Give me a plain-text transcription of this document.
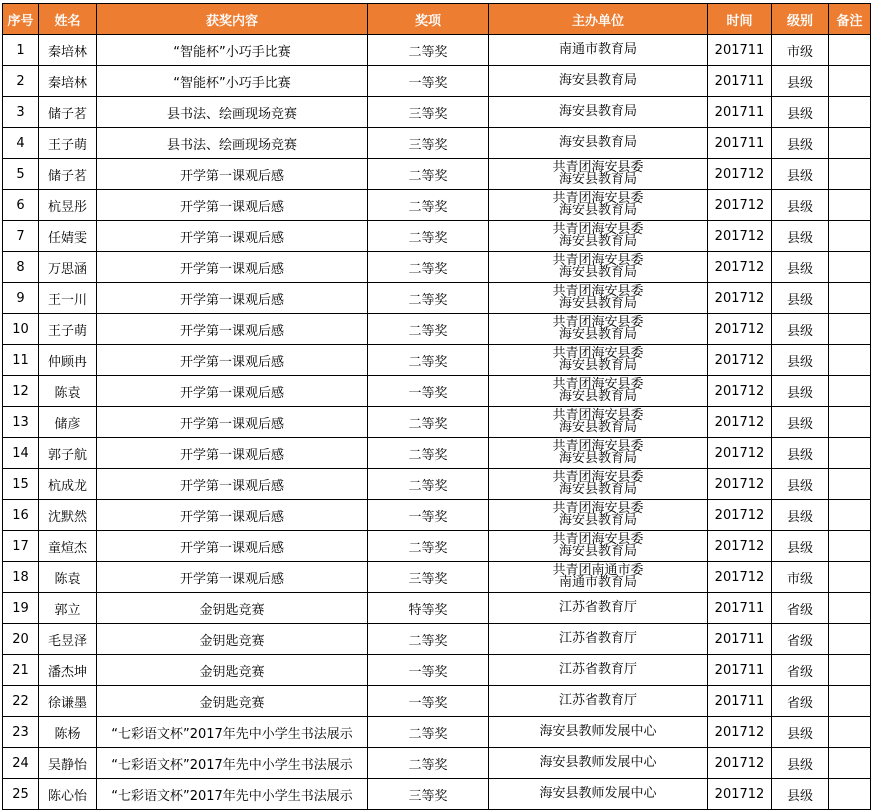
序号	姓名	获奖内容	奖项	主办单位	时间	级别	备注
1	秦培林	“智能杯”小巧手比赛	二等奖	南通市教育局	201711	市级	
2	秦培林	“智能杯”小巧手比赛	一等奖	海安县教育局	201711	县级	
3	储子茗	县书法、绘画现场竞赛	三等奖	海安县教育局	201711	县级	
4	王子萌	县书法、绘画现场竞赛	三等奖	海安县教育局	201711	县级	
5	储子茗	开学第一课观后感	二等奖	共青团海安县委
海安县教育局	201712	县级	
6	杭昱彤	开学第一课观后感	二等奖	共青团海安县委
海安县教育局	201712	县级	
7	任婧雯	开学第一课观后感	二等奖	共青团海安县委
海安县教育局	201712	县级	
8	万思涵	开学第一课观后感	二等奖	共青团海安县委
海安县教育局	201712	县级	
9	王一川	开学第一课观后感	二等奖	共青团海安县委
海安县教育局	201712	县级	
10	王子萌	开学第一课观后感	二等奖	共青团海安县委
海安县教育局	201712	县级	
11	仲顾冉	开学第一课观后感	二等奖	共青团海安县委
海安县教育局	201712	县级	
12	陈袁	开学第一课观后感	一等奖	共青团海安县委
海安县教育局	201712	县级	
13	储彦	开学第一课观后感	二等奖	共青团海安县委
海安县教育局	201712	县级	
14	郭子航	开学第一课观后感	二等奖	共青团海安县委
海安县教育局	201712	县级	
15	杭成龙	开学第一课观后感	二等奖	共青团海安县委
海安县教育局	201712	县级	
16	沈默然	开学第一课观后感	一等奖	共青团海安县委
海安县教育局	201712	县级	
17	童煊杰	开学第一课观后感	二等奖	共青团海安县委
海安县教育局	201712	县级	
18	陈袁	开学第一课观后感	三等奖	共青团南通市委
南通市教育局	201712	市级	
19	郭立	金钥匙竞赛	特等奖	江苏省教育厅	201711	省级	
20	毛昱泽	金钥匙竞赛	二等奖	江苏省教育厅	201711	省级	
21	潘杰坤	金钥匙竞赛	一等奖	江苏省教育厅	201711	省级	
22	徐谦墨	金钥匙竞赛	一等奖	江苏省教育厅	201711	省级	
23	陈杨	“七彩语文杯”2017年先中小学生书法展示	二等奖	海安县教师发展中心	201712	县级	
24	吴静怡	“七彩语文杯”2017年先中小学生书法展示	二等奖	海安县教师发展中心	201712	县级	
25	陈心怡	“七彩语文杯”2017年先中小学生书法展示	三等奖	海安县教师发展中心	201712	县级	
